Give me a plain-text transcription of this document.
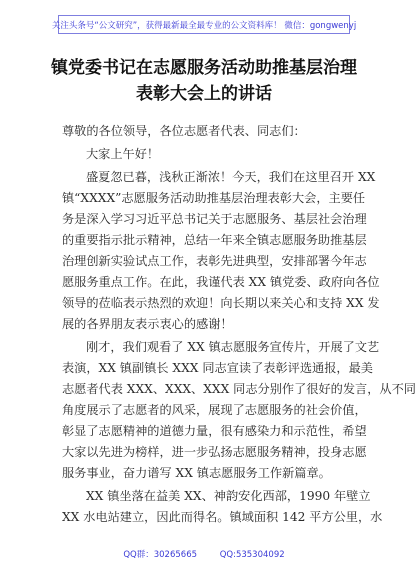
关注头条号“公文研究”，获得最新最全最专业的公文资料库！ 微信：gongwenyj
镇党委书记在志愿服务活动助推基层治理
表彰大会上的讲话
尊敬的各位领导，各位志愿者代表、同志们：
大家上午好！
盛夏忽已暮，浅秋正渐浓！今天，我们在这里召开 XX
镇“XXXX”志愿服务活动助推基层治理表彰大会，主要任
务是深入学习习近平总书记关于志愿服务、基层社会治理
的重要指示批示精神，总结一年来全镇志愿服务助推基层
治理创新实验试点工作，表彰先进典型，安排部署今年志
愿服务重点工作。在此，我谨代表 XX 镇党委、政府向各位
领导的莅临表示热烈的欢迎！向长期以来关心和支持 XX 发
展的各界朋友表示衷心的感谢！
刚才，我们观看了 XX 镇志愿服务宣传片，开展了文艺
表演，XX 镇副镇长 XXX 同志宣读了表彰评选通报，最美
志愿者代表 XXX、XXX、XXX 同志分别作了很好的发言，从不同
角度展示了志愿者的风采，展现了志愿服务的社会价值，
彰显了志愿精神的道德力量，很有感染力和示范性，希望
大家以先进为榜样，进一步弘扬志愿服务精神，投身志愿
服务事业，奋力谱写 XX 镇志愿服务工作新篇章。
XX 镇坐落在益美 XX、神韵安化西部，1990 年壁立
XX 水电站建立，因此而得名。镇域面积 142 平方公里，水
QQ群：30265665	QQ:535304092
